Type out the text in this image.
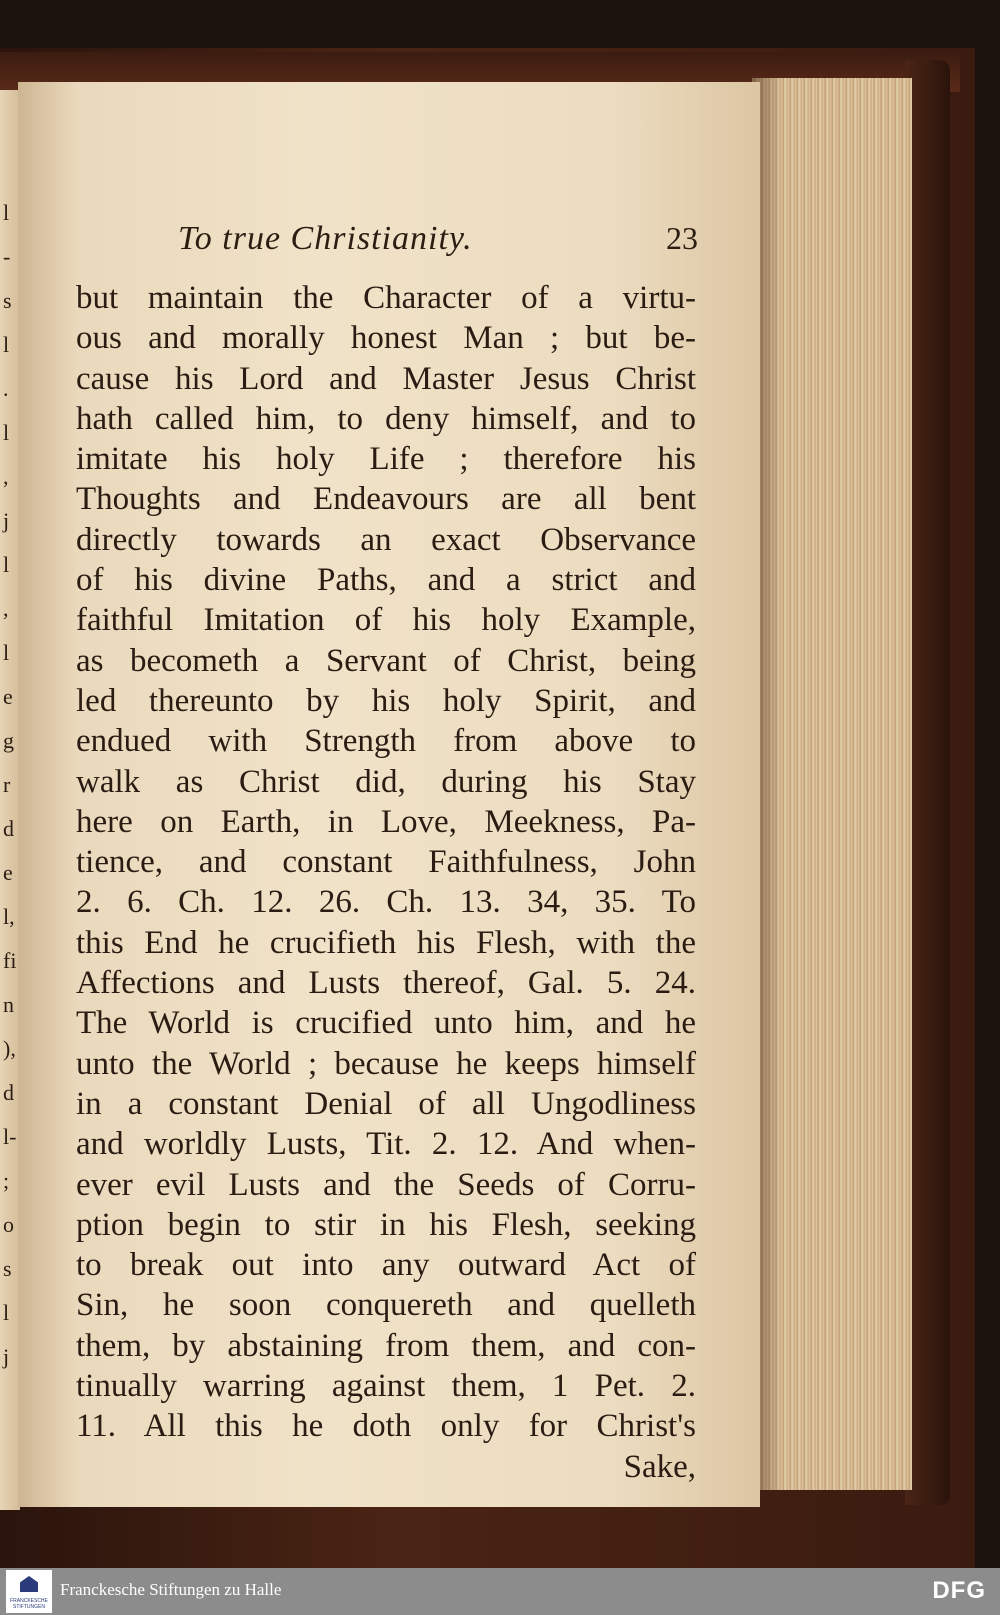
l
-
s
l
.
l
,
j
l
,
l
e
g
r
d
e
l,
fi
n
),
d
l-
;
o
s
l
j
To true Christianity.	23
but maintain the Character of a virtu-
ous and morally honest Man ; but be-
cause his Lord and Master Jesus Christ
hath called him, to deny himself, and to
imitate his holy Life ; therefore his
Thoughts and Endeavours are all bent
directly towards an exact Observance
of his divine Paths, and a strict and
faithful Imitation of his holy Example,
as becometh a Servant of Christ, being
led thereunto by his holy Spirit, and
endued with Strength from above to
walk as Christ did, during his Stay
here on Earth, in Love, Meekness, Pa-
tience, and constant Faithfulness, John
2. 6. Ch. 12. 26. Ch. 13. 34, 35. To
this End he crucifieth his Flesh, with the
Affections and Lusts thereof, Gal. 5. 24.
The World is crucified unto him, and he
unto the World ; because he keeps himself
in a constant Denial of all Ungodliness
and worldly Lusts, Tit. 2. 12. And when-
ever evil Lusts and the Seeds of Corru-
ption begin to stir in his Flesh, seeking
to break out into any outward Act of
Sin, he soon conquereth and quelleth
them, by abstaining from them, and con-
tinually warring against them, 1 Pet. 2.
11. All this he doth only for Christ's
Sake,
FRANCKESCHE STIFTUNGEN
Franckesche Stiftungen zu Halle	DFG
